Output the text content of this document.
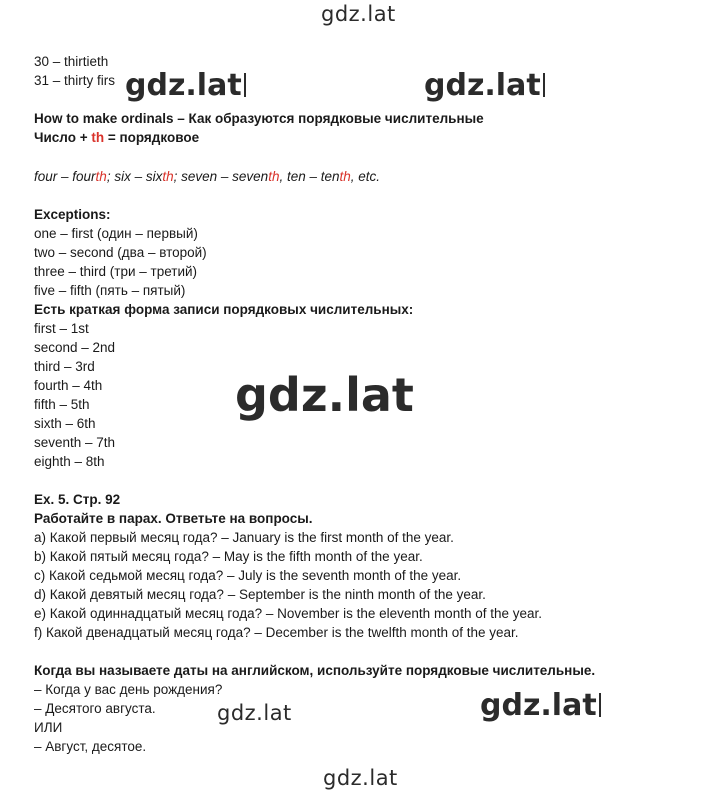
30 – thirtieth
31 – thirty firs
How to make ordinals – Как образуются порядковые числительные
Число + th = порядковое
four – fourth; six – sixth; seven – seventh, ten – tenth, etc.
Exceptions:
one – first (один – первый)
two – second (два – второй)
three – third (три – третий)
five – fifth (пять – пятый)
Есть краткая форма записи порядковых числительных:
first – 1st
second – 2nd
third – 3rd
fourth – 4th
fifth – 5th
sixth – 6th
seventh – 7th
eighth – 8th
Ex. 5. Стр. 92
Работайте в парах. Ответьте на вопросы.
a) Какой первый месяц года? – January is the first month of the year.
b) Какой пятый месяц года? – May is the fifth month of the year.
c) Какой седьмой месяц года? – July is the seventh month of the year.
d) Какой девятый месяц года? – September is the ninth month of the year.
e) Какой одиннадцатый месяц года? – November is the eleventh month of the year.
f) Какой двенадцатый месяц года? – December is the twelfth month of the year.
Когда вы называете даты на английском, используйте порядковые числительные.
– Когда у вас день рождения?
– Десятого августа.
ИЛИ
– Август, десятое.
gdz.lat
gdz.lat	gdz.lat
gdz.lat
gdz.lat	gdz.lat
gdz.lat
